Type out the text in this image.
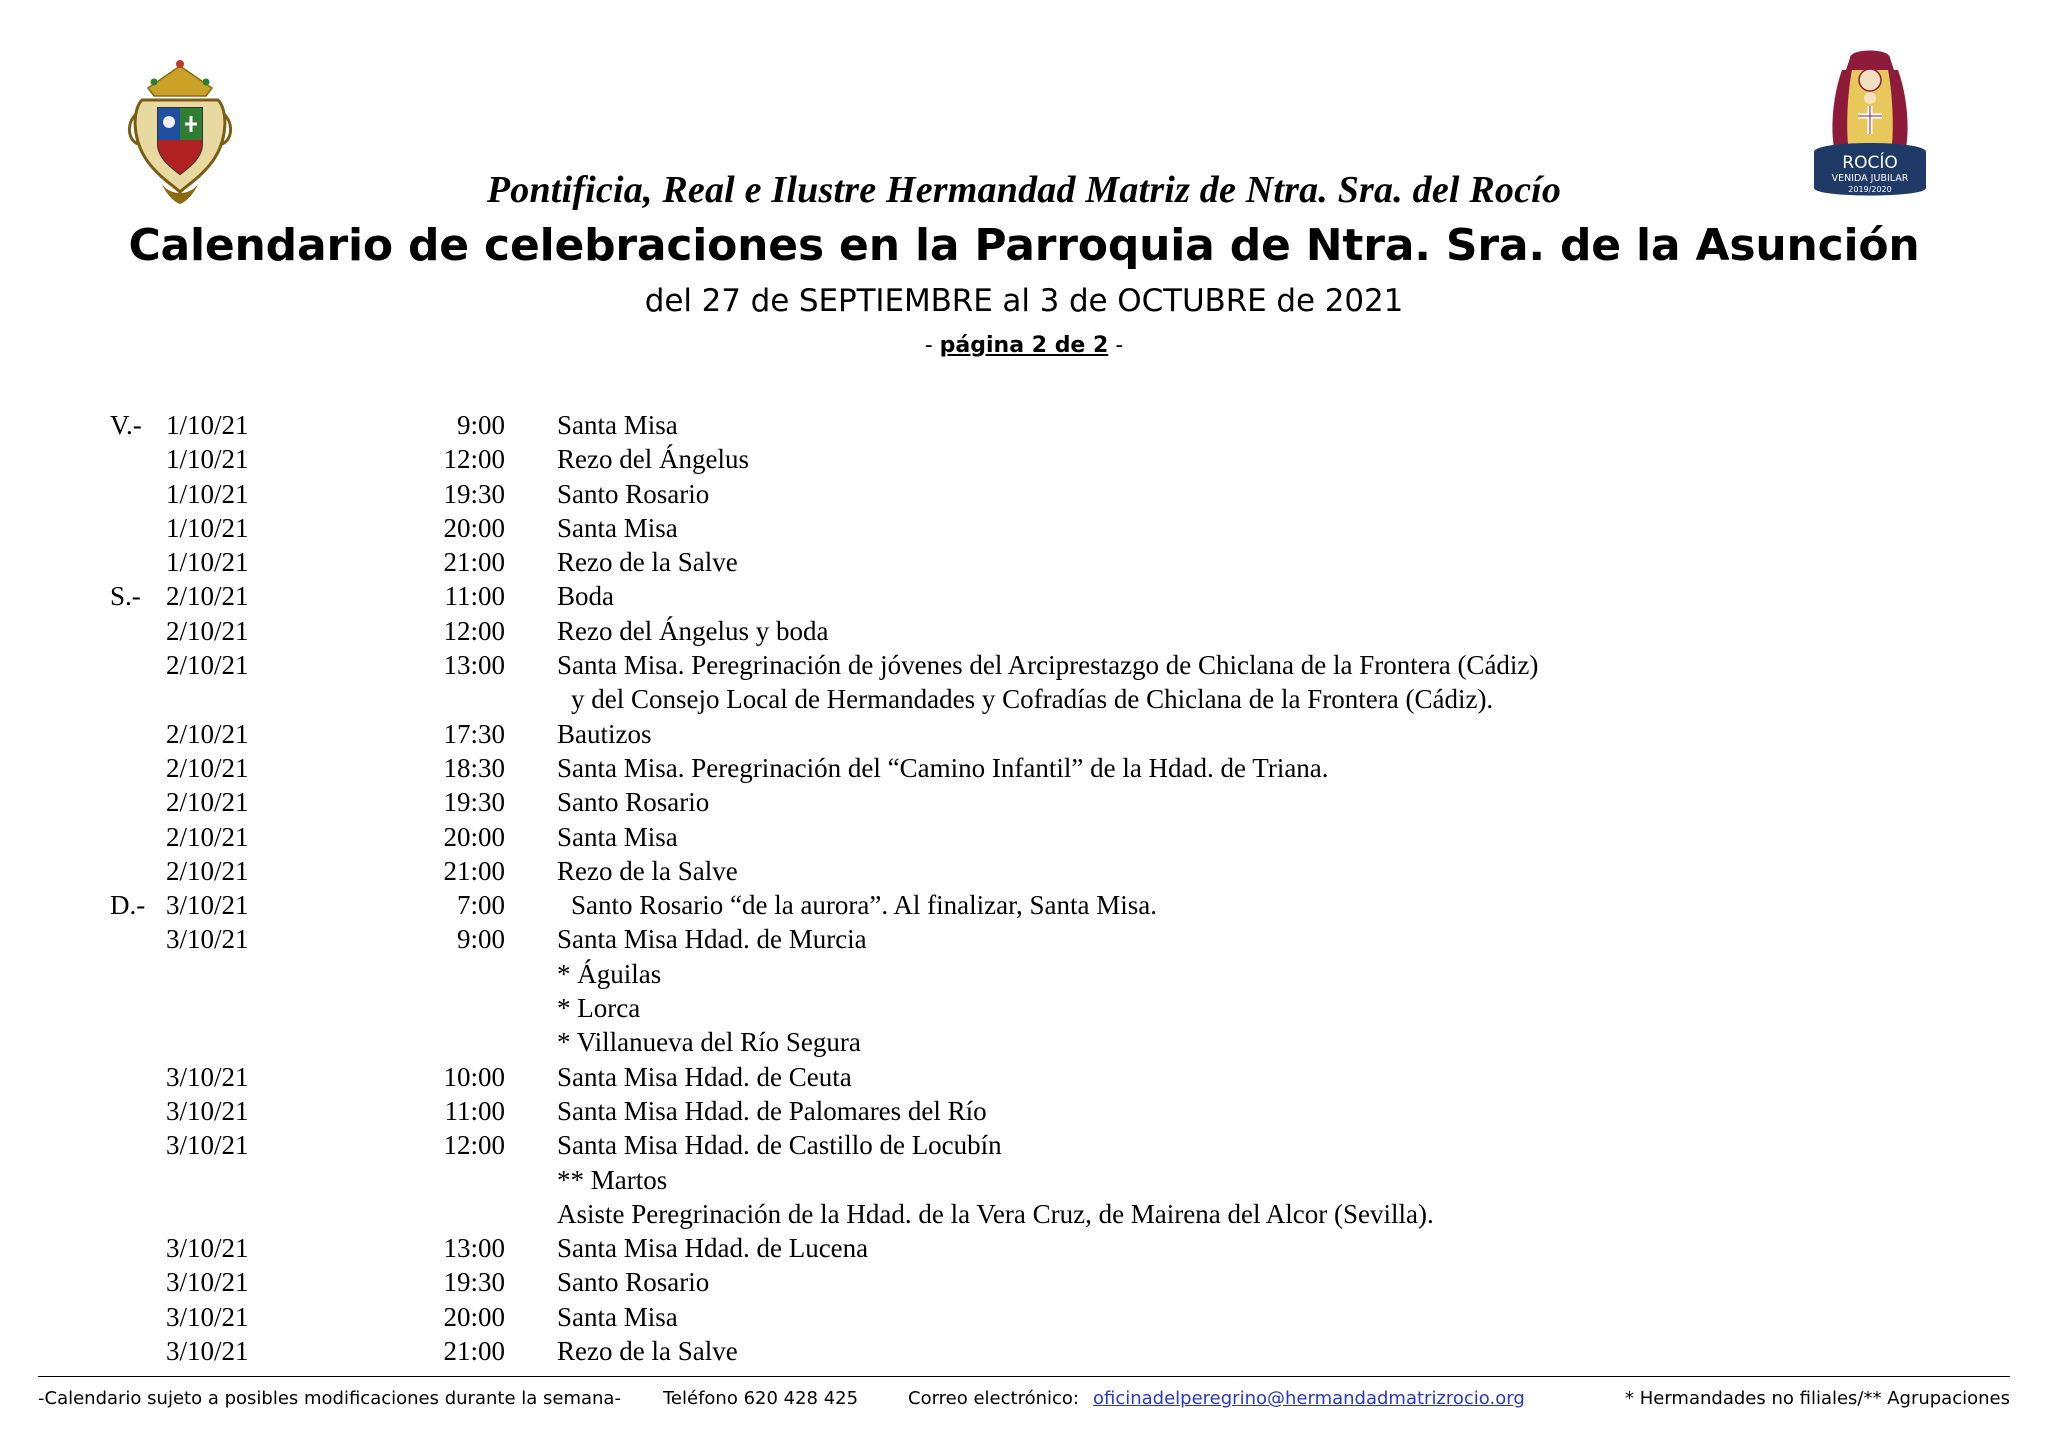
ROCÍO
VENIDA JUBILAR
2019/2020
Pontificia, Real e Ilustre Hermandad Matriz de Ntra. Sra. del Rocío
Calendario de celebraciones en la Parroquia de Ntra. Sra. de la Asunción
del 27 de SEPTIEMBRE al 3 de OCTUBRE de 2021
- página 2 de 2 -
V.- 1/10/21	9:00	Santa Misa
1/10/21	12:00	Rezo del Ángelus
1/10/21	19:30	Santo Rosario
1/10/21	20:00	Santa Misa
1/10/21	21:00	Rezo de la Salve
S.- 2/10/21	11:00	Boda
2/10/21	12:00	Rezo del Ángelus y boda
2/10/21	13:00	Santa Misa. Peregrinación de jóvenes del Arciprestazgo de Chiclana de la Frontera (Cádiz)
y del Consejo Local de Hermandades y Cofradías de Chiclana de la Frontera (Cádiz).
2/10/21	17:30	Bautizos
2/10/21	18:30	Santa Misa. Peregrinación del “Camino Infantil” de la Hdad. de Triana.
2/10/21	19:30	Santo Rosario
2/10/21	20:00	Santa Misa
2/10/21	21:00	Rezo de la Salve
D.- 3/10/21	7:00	Santo Rosario “de la aurora”. Al finalizar, Santa Misa.
3/10/21	9:00	Santa Misa Hdad. de Murcia
* Águilas
* Lorca
* Villanueva del Río Segura
3/10/21	10:00	Santa Misa Hdad. de Ceuta
3/10/21	11:00	Santa Misa Hdad. de Palomares del Río
3/10/21	12:00	Santa Misa Hdad. de Castillo de Locubín
** Martos
Asiste Peregrinación de la Hdad. de la Vera Cruz, de Mairena del Alcor (Sevilla).
3/10/21	13:00	Santa Misa Hdad. de Lucena
3/10/21	19:30	Santo Rosario
3/10/21	20:00	Santa Misa
3/10/21	21:00	Rezo de la Salve
-Calendario sujeto a posibles modificaciones durante la semana-	Teléfono 620 428 425	Correo electrónico: oficinadelperegrino@hermandadmatrizrocio.org	* Hermandades no filiales/** Agrupaciones
